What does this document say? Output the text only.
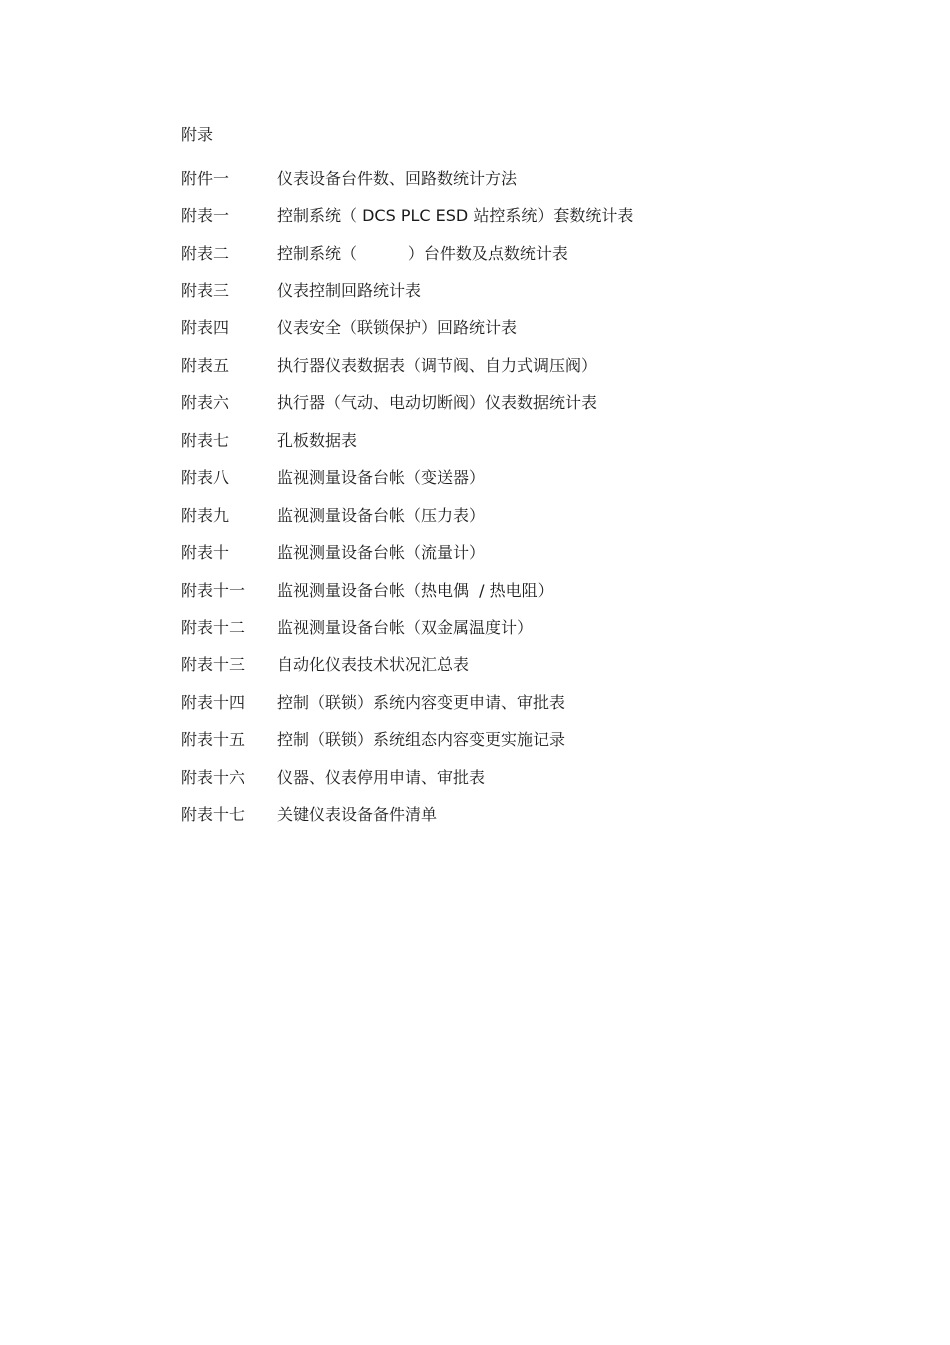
附录
附件一	仪表设备台件数、回路数统计方法
附表一	控制系统（ DCS PLC ESD 站控系统）套数统计表
附表二	控制系统（          ）台件数及点数统计表
附表三	仪表控制回路统计表
附表四	仪表安全（联锁保护）回路统计表
附表五	执行器仪表数据表（调节阀、自力式调压阀）
附表六	执行器（气动、电动切断阀）仪表数据统计表
附表七	孔板数据表
附表八	监视测量设备台帐（变送器）
附表九	监视测量设备台帐（压力表）
附表十	监视测量设备台帐（流量计）
附表十一	监视测量设备台帐（热电偶  / 热电阻）
附表十二	监视测量设备台帐（双金属温度计）
附表十三	自动化仪表技术状况汇总表
附表十四	控制（联锁）系统内容变更申请、审批表
附表十五	控制（联锁）系统组态内容变更实施记录
附表十六	仪器、仪表停用申请、审批表
附表十七	关键仪表设备备件清单
